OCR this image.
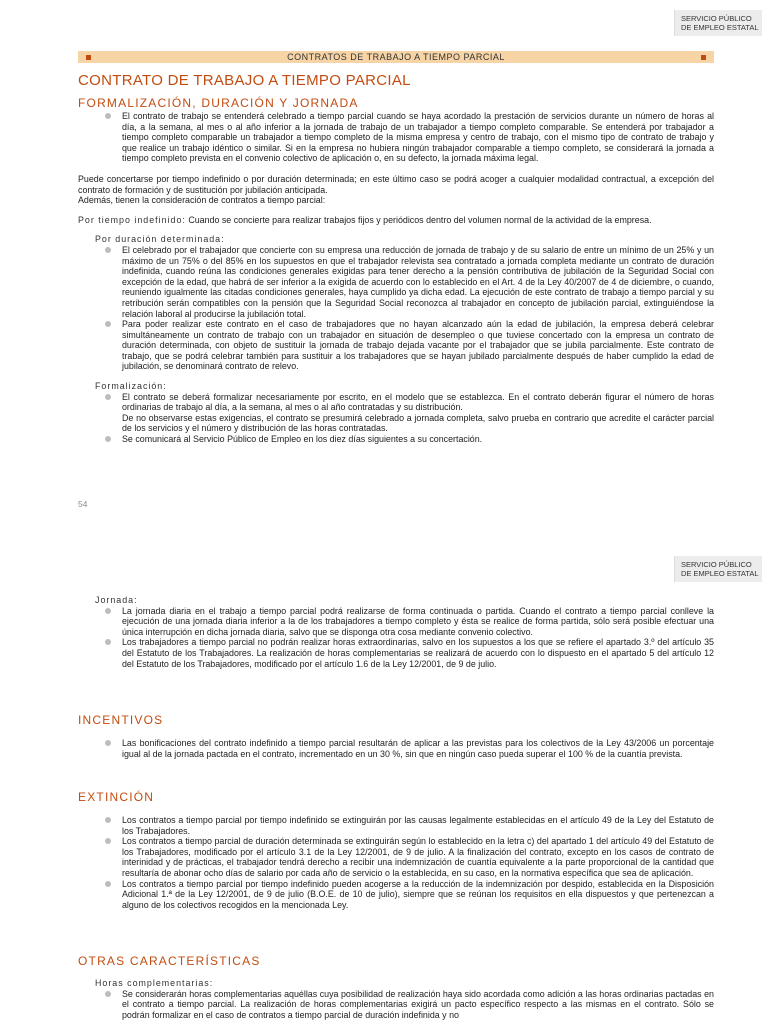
SERVICIO PÚBLICO
DE EMPLEO ESTATAL
CONTRATOS DE TRABAJO A TIEMPO PARCIAL
CONTRATO DE TRABAJO A TIEMPO PARCIAL
FORMALIZACIÓN, DURACIÓN Y JORNADA
El contrato de trabajo se entenderá celebrado a tiempo parcial cuando se haya acordado la prestación de servicios durante un número de horas al día, a la semana, al mes o al año inferior a la jornada de trabajo de un trabajador a tiempo completo comparable. Se entenderá por trabajador a tiempo completo comparable un trabajador a tiempo completo de la misma empresa y centro de trabajo, con el mismo tipo de contrato de trabajo y que realice un trabajo idéntico o similar. Si en la empresa no hubiera ningún trabajador comparable a tiempo completo, se considerará la jornada a tiempo completo prevista en el convenio colectivo de aplicación o, en su defecto, la jornada máxima legal.

Puede concertarse por tiempo indefinido o por duración determinada; en este último caso se podrá acoger a cualquier modalidad contractual, a excepción del contrato de formación y de sustitución por jubilación anticipada.

Además, tienen la consideración de contratos a tiempo parcial:

Por tiempo indefinido: Cuando se concierte para realizar trabajos fijos y periódicos dentro del volumen normal de la actividad de la empresa.

Por duración determinada:
El celebrado por el trabajador que concierte con su empresa una reducción de jornada de trabajo y de su salario de entre un mínimo de un 25% y un máximo de un 75% o del 85% en los supuestos en que el trabajador relevista sea contratado a jornada completa mediante un contrato de duración indefinida, cuando reúna las condiciones generales exigidas para tener derecho a la pensión contributiva de jubilación de la Seguridad Social con excepción de la edad, que habrá de ser inferior a la exigida de acuerdo con lo establecido en el Art. 4 de la Ley 40/2007 de 4 de diciembre, o cuando, reuniendo igualmente las citadas condiciones generales, haya cumplido ya dicha edad. La ejecución de este contrato de trabajo a tiempo parcial y su retribución serán compatibles con la pensión que la Seguridad Social reconozca al trabajador en concepto de jubilación parcial, extinguiéndose la relación laboral al producirse la jubilación total.
Para poder realizar este contrato en el caso de trabajadores que no hayan alcanzado aún la edad de jubilación, la empresa deberá celebrar simultáneamente un contrato de trabajo con un trabajador en situación de desempleo o que tuviese concertado con la empresa un contrato de duración determinada, con objeto de sustituir la jornada de trabajo dejada vacante por el trabajador que se jubila parcialmente. Este contrato de trabajo, que se podrá celebrar también para sustituir a los trabajadores que se hayan jubilado parcialmente después de haber cumplido la edad de jubilación, se denominará contrato de relevo.
Formalización:
El contrato se deberá formalizar necesariamente por escrito, en el modelo que se establezca. En el contrato deberán figurar el número de horas ordinarias de trabajo al día, a la semana, al mes o al año contratadas y su distribución.
De no observarse estas exigencias, el contrato se presumirá celebrado a jornada completa, salvo prueba en contrario que acredite el carácter parcial de los servicios y el número y distribución de las horas contratadas.
Se comunicará al Servicio Público de Empleo en los diez días siguientes a su concertación.
54
SERVICIO PÚBLICO
DE EMPLEO ESTATAL
Jornada:
La jornada diaria en el trabajo a tiempo parcial podrá realizarse de forma continuada o partida. Cuando el contrato a tiempo parcial conlleve la ejecución de una jornada diaria inferior a la de los trabajadores a tiempo completo y ésta se realice de forma partida, sólo será posible efectuar una única interrupción en dicha jornada diaria, salvo que se disponga otra cosa mediante convenio colectivo.
Los trabajadores a tiempo parcial no podrán realizar horas extraordinarias, salvo en los supuestos a los que se refiere el apartado 3.º del artículo 35 del Estatuto de los Trabajadores. La realización de horas complementarias se realizará de acuerdo con lo dispuesto en el apartado 5 del artículo 12 del Estatuto de los Trabajadores, modificado por el artículo 1.6 de la Ley 12/2001, de 9 de julio.
INCENTIVOS
Las bonificaciones del contrato indefinido a tiempo parcial resultarán de aplicar a las previstas para los colectivos de la Ley 43/2006 un porcentaje igual al de la jornada pactada en el contrato, incrementado en un 30 %, sin que en ningún caso pueda superar el 100 % de la cuantía prevista.
EXTINCIÓN
Los contratos a tiempo parcial por tiempo indefinido se extinguirán por las causas legalmente establecidas en el artículo 49 de la Ley del Estatuto de los Trabajadores.
Los contratos a tiempo parcial de duración determinada se extinguirán según lo establecido en la letra c) del apartado 1 del artículo 49 del Estatuto de los Trabajadores, modificado por el artículo 3.1 de la Ley 12/2001, de 9 de julio. A la finalización del contrato, excepto en los casos de contrato de interinidad y de prácticas, el trabajador tendrá derecho a recibir una indemnización de cuantía equivalente a la parte proporcional de la cantidad que resultaría de abonar ocho días de salario por cada año de servicio o la establecida, en su caso, en la normativa específica que sea de aplicación.
Los contratos a tiempo parcial por tiempo indefinido pueden acogerse a la reducción de la indemnización por despido, establecida en la Disposición Adicional 1.ª de la Ley 12/2001, de 9 de julio (B.O.E. de 10 de julio), siempre que se reúnan los requisitos en ella dispuestos y que pertenezcan a alguno de los colectivos recogidos en la mencionada Ley.
OTRAS CARACTERÍSTICAS
Horas complementarias:
Se considerarán horas complementarias aquéllas cuya posibilidad de realización haya sido acordada como adición a las horas ordinarias pactadas en el contrato a tiempo parcial. La realización de horas complementarias exigirá un pacto específico respecto a las mismas en el contrato. Sólo se podrán formalizar en el caso de contratos a tiempo parcial de duración indefinida y no
